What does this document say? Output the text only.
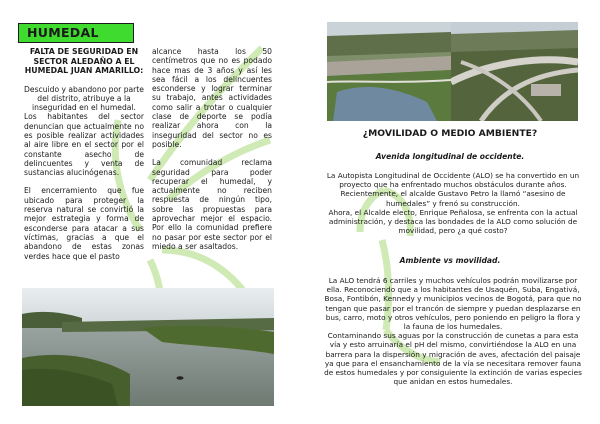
HUMEDAL

FALTA DE SEGURIDAD EN SECTOR ALEDAÑO A EL HUMEDAL JUAN AMARILLO:

Descuido y abandono por parte del distrito, atribuye a la inseguridad en el humedal.

Los habitantes del sector denuncian que actualmente no es posible realizar actividades al aire libre en el sector por el constante asecho de delincuentes y venta de sustancias alucinógenas.

El encerramiento que fue ubicado para proteger la reserva natural se convirtió la mejor estrategia y forma de esconderse para atacar a sus víctimas, gracias a que el abandono de estas zonas verdes hace que el pasto

alcance hasta los 50 centímetros que no es podado hace mas de 3 años y así les sea fácil a los delincuentes esconderse y lograr terminar su trabajo, antes actividades como salir a trotar o cualquier clase de deporte se podía realizar ahora con la inseguridad del sector no es posible.

La comunidad reclama seguridad para poder recuperar el humedal, y actualmente no reciben respuesta de ningún tipo, sobre las propuestas para aprovechar mejor el espacio. Por ello la comunidad prefiere no pasar por este sector por el miedo a ser asaltados.

¿MOVILIDAD O MEDIO AMBIENTE?
Avenida longitudinal de occidente.

La Autopista Longitudinal de Occidente (ALO) se ha convertido en un proyecto que ha enfrentado muchos obstáculos durante años. Recientemente, el alcalde Gustavo Petro la llamó “asesino de humedales” y frenó su construcción.

Ahora, el Alcalde electo, Enrique Peñalosa, se enfrenta con la actual administración, y destaca las bondades de la ALO como solución de movilidad, pero ¿a qué costo?

Ambiente vs movilidad.

La ALO tendrá 6 carriles y muchos vehículos podrán movilizarse por ella. Reconociendo que a los habitantes de Usaquén, Suba, Engativá, Bosa, Fontibón, Kennedy y municipios vecinos de Bogotá, para que no tengan que pasar por el trancón de siempre y puedan desplazarse en bus, carro, moto y otros vehículos, pero poniendo en peligro la flora y la fauna de los humedales.

Contaminando sus aguas por la construcción de cunetas a para esta vía y esto arruinaría el pH del mismo, convirtiéndose la ALO en una barrera para la dispersión y migración de aves, afectación del paisaje ya que para el ensanchamiento de la vía se necesitara remover fauna de estos humedales y por consiguiente la extinción de varias especies que anidan en estos humedales.
